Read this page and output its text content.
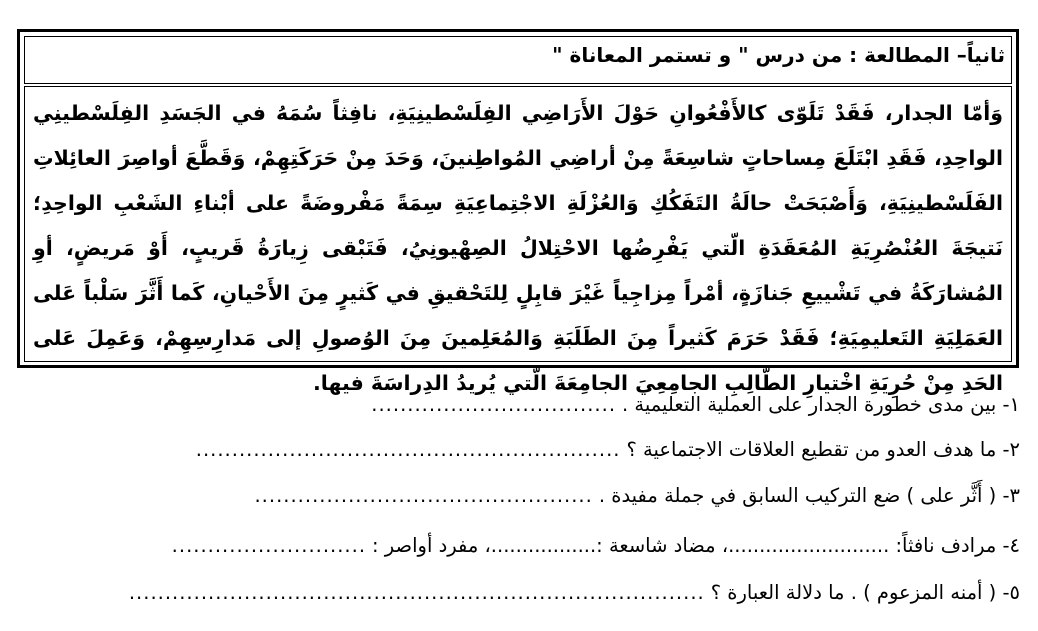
ثانياً– المطالعة : من درس " و تستمر المعاناة "
وَأمّا الجدار، فَقَدْ تَلَوّى كالأَفْعُوانِ حَوْلَ الأَرَاضِي الفِلَسْطينِيَةِ، نافِثاً سُمَهُ في الجَسَدِ الفِلَسْطينِي الواحِدِ، فَقَدِ ابْتَلَعَ مِساحاتٍ شاسِعَةً مِنْ أراضِي المُواطِنينَ، وَحَدَ مِنْ حَرَكَتِهِمْ، وَقَطَّعَ أواصِرَ العائِلاتِ الفَلَسْطينِيَةِ، وَأَصْبَحَتْ حالَةُ التَفَكُكِ وَالعُزْلَةِ الاجْتِماعِيَةِ سِمَةً مَفْروضَةً على أبْناءِ الشَعْبِ الواحِدِ؛ نَتيجَةَ العُنْصُرِيَةِ المُعَقَدَةِ الّتي يَفْرِضُها الاحْتِلالُ الصِهْيونِيُ، فَتَبْقى زِيارَةُ قَريبٍ، أَوْ مَريضٍ، أوِ المُشارَكَةُ في تَشْييعِ جَنازَةٍ، أمْراً مِزاجِياً غَيْرَ قابِلٍ لِلتَحْقيقِ في كَثيرٍ مِنَ الأَحْيانِ، كَما أَثَّرَ سَلْباً عَلى العَمَلِيَةِ التَعليمِيَةِ؛ فَقَدْ حَرَمَ كَثيراً مِنَ الطَلَبَةِ وَالمُعَلِمينَ مِنَ الوُصولِ إلى مَدارِسِهِمْ، وَعَمِلَ عَلى الحَدِ مِنْ حُرِيَةِ اخْتيارِ الطّالِبِ الجامِعِيَ الجامِعَةَ الّتي يُريدُ الدِراسَةَ فيها.
١- بين مدى خطورة الجدار على العملية التعليمية .
..................................
٢- ما هدف العدو من تقطيع العلاقات الاجتماعية ؟
...........................................................
٣- ( أَثَّر على ) ضع التركيب السابق في جملة مفيدة .
...............................................
٤- مرادف نافثاً: ..........................، مضاد شاسعة :.................، مفرد أواصر :
...........................
٥- ( أمنه المزعوم ) . ما دلالة العبارة ؟
................................................................................
